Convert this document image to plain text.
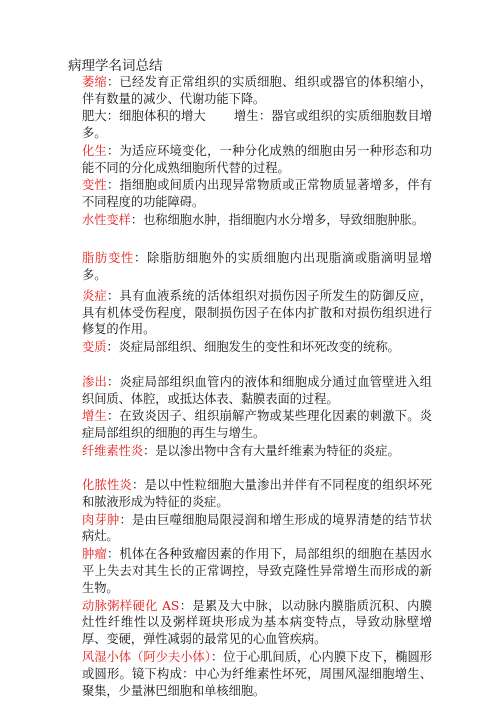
病理学名词总结
萎缩：已经发育正常组织的实质细胞、组织或器官的体积缩小，伴有数量的减少、代谢功能下降。
肥大：细胞体积的增大 增生：器官或组织的实质细胞数目增多。
化生：为适应环境变化，一种分化成熟的细胞由另一种形态和功能不同的分化成熟细胞所代替的过程。
变性：指细胞或间质内出现异常物质或正常物质显著增多，伴有不同程度的功能障碍。
水性变样：也称细胞水肿，指细胞内水分增多，导致细胞肿胀。
脂肪变性：除脂肪细胞外的实质细胞内出现脂滴或脂滴明显增多。
炎症：具有血液系统的活体组织对损伤因子所发生的防御反应，具有机体受伤程度，限制损伤因子在体内扩散和对损伤组织进行修复的作用。
变质：炎症局部组织、细胞发生的变性和坏死改变的统称。
渗出：炎症局部组织血管内的液体和细胞成分通过血管壁进入组织间质、体腔，或抵达体表、黏膜表面的过程。
增生：在致炎因子、组织崩解产物或某些理化因素的刺激下。炎症局部组织的细胞的再生与增生。
纤维素性炎：是以渗出物中含有大量纤维素为特征的炎症。
化脓性炎：是以中性粒细胞大量渗出并伴有不同程度的组织坏死和脓液形成为特征的炎症。
肉芽肿：是由巨噬细胞局限浸润和增生形成的境界清楚的结节状病灶。
肿瘤：机体在各种致瘤因素的作用下，局部组织的细胞在基因水平上失去对其生长的正常调控，导致克隆性异常增生而形成的新生物。
动脉粥样硬化 AS：是累及大中脉，以动脉内膜脂质沉积、内膜灶性纤维性以及粥样斑块形成为基本病变特点，导致动脉壁增厚、变硬，弹性减弱的最常见的心血管疾病。
风湿小体（阿少夫小体）：位于心肌间质，心内膜下皮下，椭圆形或圆形。镜下构成：中心为纤维素性坏死，周围风湿细胞增生、聚集，少量淋巴细胞和单核细胞。
